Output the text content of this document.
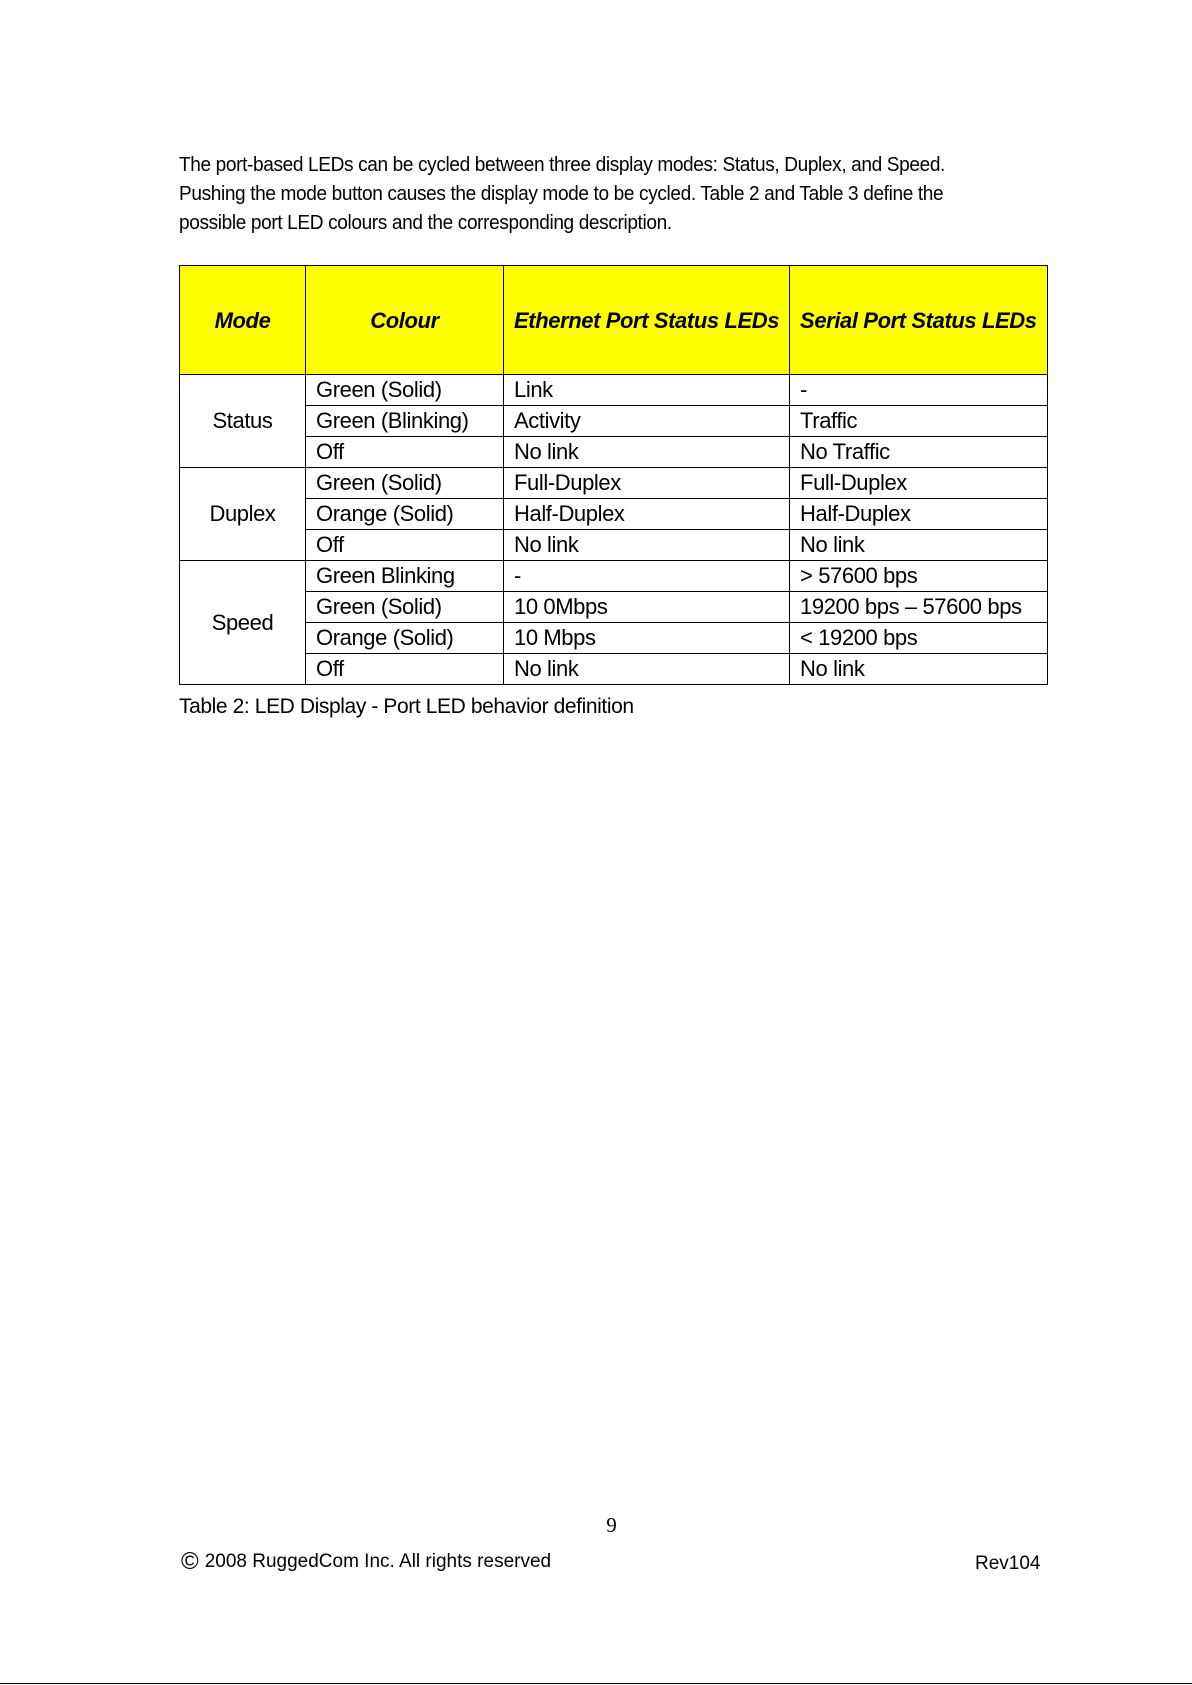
The port-based LEDs can be cycled between three display modes: Status, Duplex, and Speed.
Pushing the mode button causes the display mode to be cycled. Table 2 and Table 3 define the
possible port LED colours and the corresponding description.
Mode	Colour	Ethernet Port Status LEDs	Serial Port Status LEDs
Status	Green (Solid)	Link	-
	Green (Blinking)	Activity	Traffic
	Off	No link	No Traffic
Duplex	Green (Solid)	Full-Duplex	Full-Duplex
	Orange (Solid)	Half-Duplex	Half-Duplex
	Off	No link	No link
Speed	Green Blinking	-	> 57600 bps
	Green (Solid)	10 0Mbps	19200 bps – 57600 bps
	Orange (Solid)	10 Mbps	< 19200 bps
	Off	No link	No link
Table 2: LED Display - Port LED behavior definition
9
© 2008 RuggedCom Inc. All rights reserved	Rev104
